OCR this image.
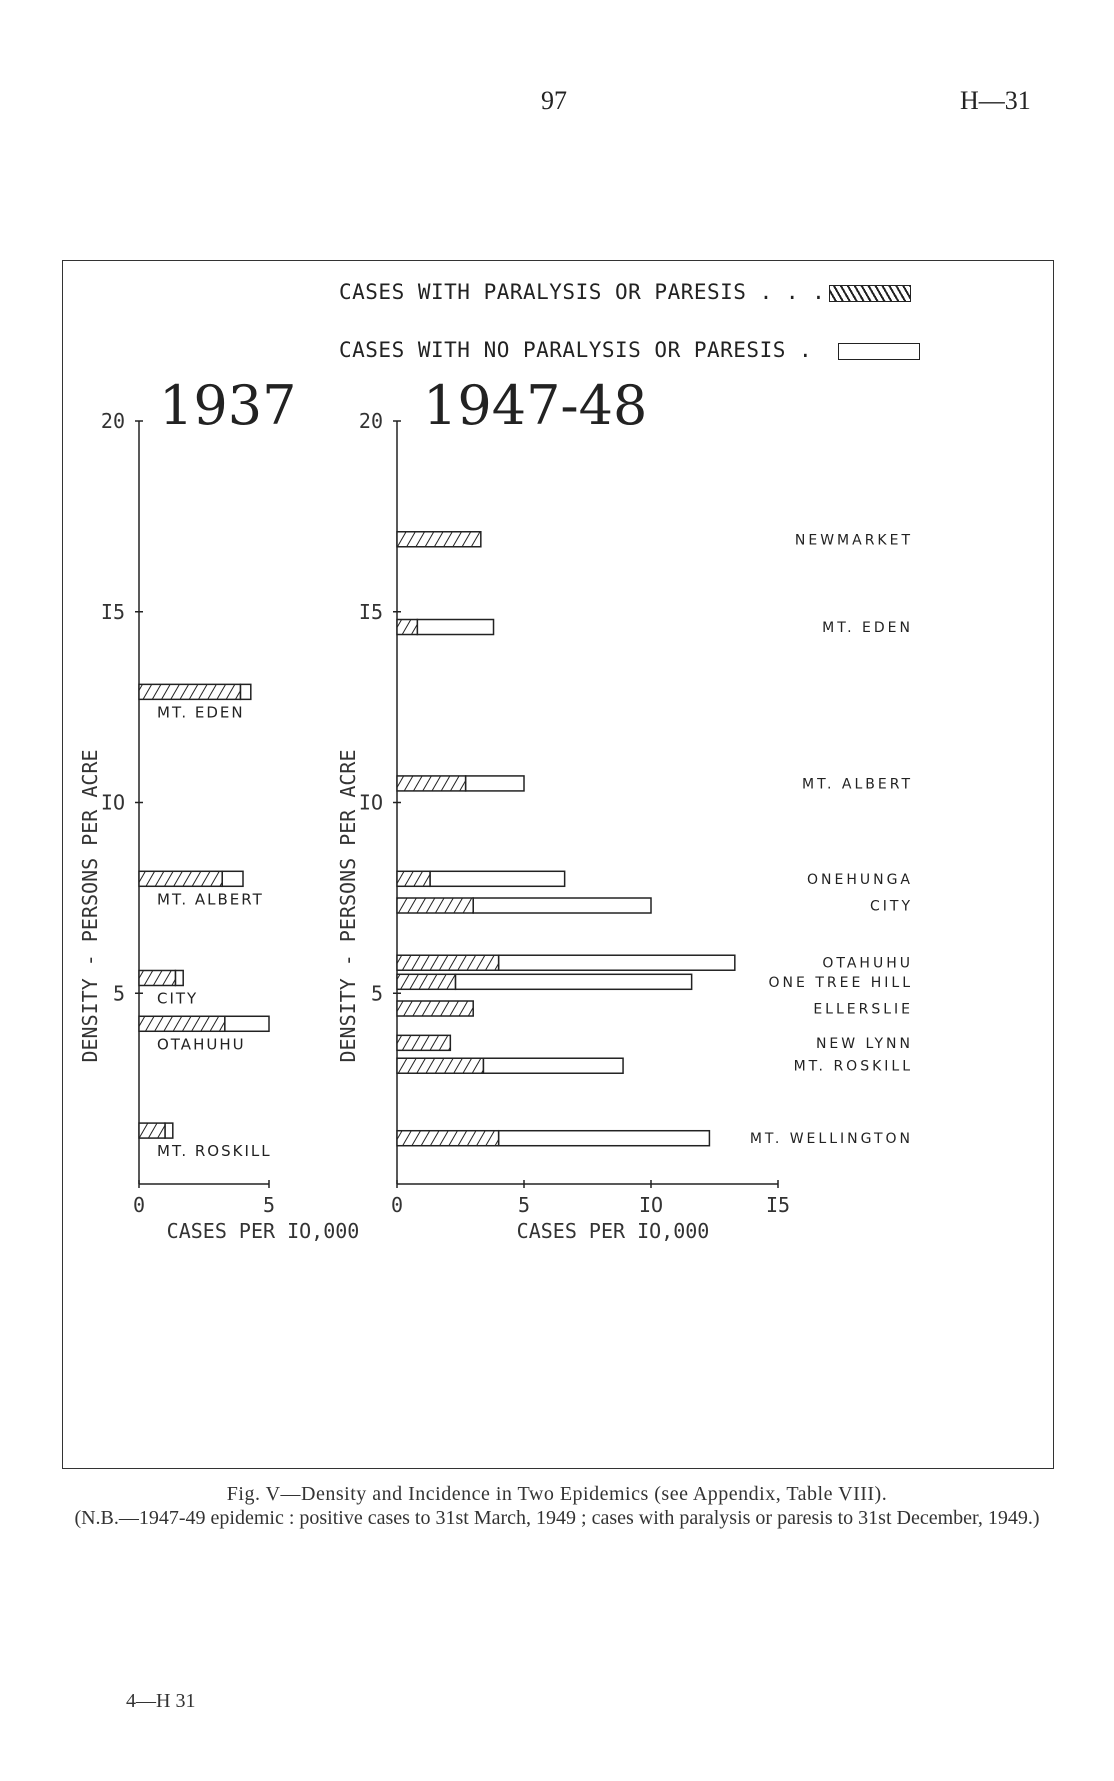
97	H—31
1937
5
IO
I5
20
0	5
CASES PER IO,000
DENSITY - PERSONS PER ACRE
MT. EDEN
MT. ALBERT
CITY
OTAHUHU
MT. ROSKILL
1947-48
5
IO
I5
20
0	5	IO	I5
CASES PER IO,000
DENSITY - PERSONS PER ACRE
NEWMARKET
MT. EDEN
MT. ALBERT
ONEHUNGA
CITY
OTAHUHU
ONE TREE HILL
ELLERSLIE
NEW LYNN
MT. ROSKILL
MT. WELLINGTON
CASES WITH PARALYSIS OR PARESIS . . .
CASES WITH NO PARALYSIS OR PARESIS .
Fig. V—Density and Incidence in Two Epidemics (see Appendix, Table VIII).
(N.B.—1947-49 epidemic : positive cases to 31st March, 1949 ; cases with paralysis or paresis to 31st December, 1949.)
4—H 31
